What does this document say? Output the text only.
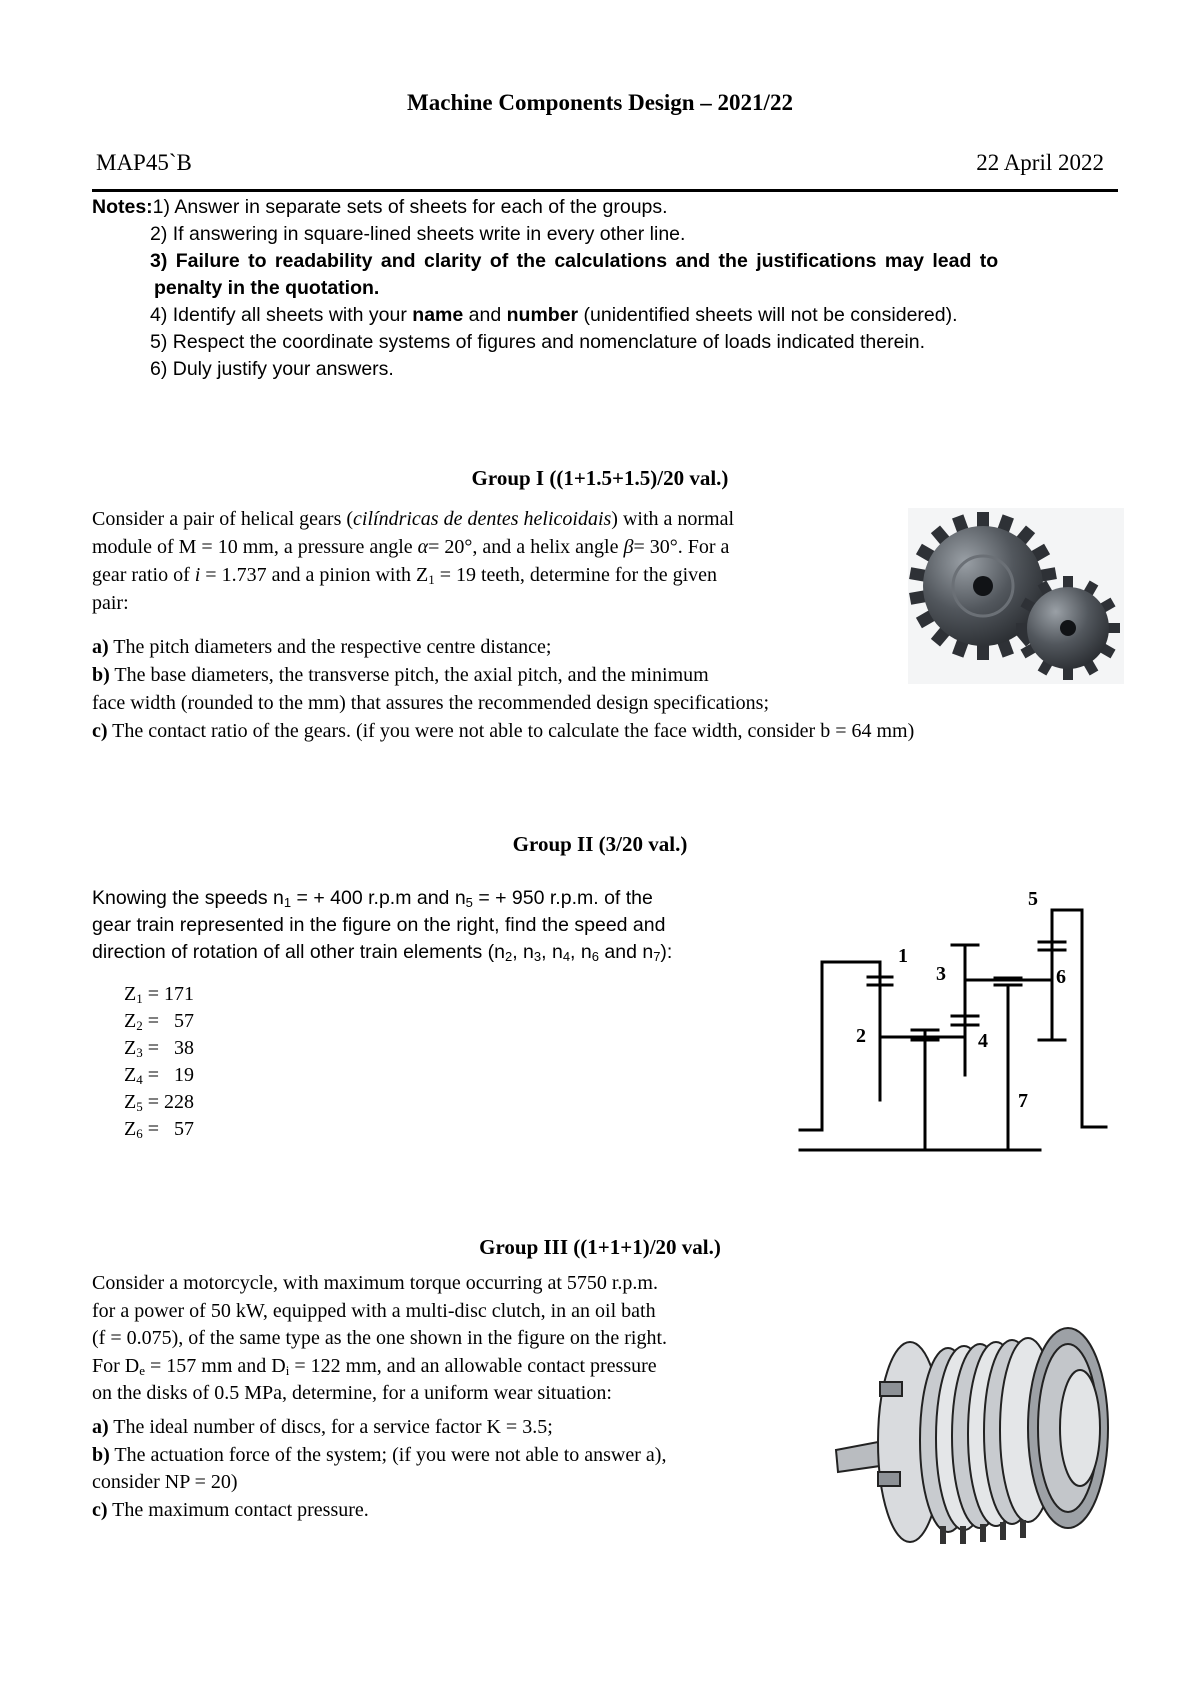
Machine Components Design – 2021/22
MAP45`B	22 April 2022
Notes:1) Answer in separate sets of sheets for each of the groups.
2) If answering in square-lined sheets write in every other line.
3) Failure to readability and clarity of the calculations and the justifications may lead to
penalty in the quotation.
4) Identify all sheets with your name and number (unidentified sheets will not be considered).
5) Respect the coordinate systems of figures and nomenclature of loads indicated therein.
6) Duly justify your answers.
Group I ((1+1.5+1.5)/20 val.)
Consider a pair of helical gears (cilíndricas de dentes helicoidais) with a normal
module of M = 10 mm, a pressure angle α= 20°, and a helix angle β= 30°. For a
gear ratio of i = 1.737 and a pinion with $Z_1 = 19$ teeth, determine for the given
pair:
a) The pitch diameters and the respective centre distance;
b) The base diameters, the transverse pitch, the axial pitch, and the minimum
face width (rounded to the mm) that assures the recommended design specifications;
c) The contact ratio of the gears. (if you were not able to calculate the face width, consider b = 64 mm)
Group II (3/20 val.)
Knowing the speeds $n_1$ = + 400 r.p.m and $n_5$ = + 950 r.p.m. of the
gear train represented in the figure on the right, find the speed and
direction of rotation of all other train elements ($n_2$, $n_3$, $n_4$, $n_6$ and $n_7$):
$Z_1 = 171$
$Z_2 = 57$
$Z_3 = 38$
$Z_4 = 19$
$Z_5 = 228$
$Z_6 = 57$
1
2
3
4
5
6
7
Group III ((1+1+1)/20 val.)
Consider a motorcycle, with maximum torque occurring at 5750 r.p.m.
for a power of 50 kW, equipped with a multi-disc clutch, in an oil bath
(f = 0.075), of the same type as the one shown in the figure on the right.
For $D_e = 157$ mm and $D_i = 122$ mm, and an allowable contact pressure
on the disks of 0.5 MPa, determine, for a uniform wear situation:
a) The ideal number of discs, for a service factor K = 3.5;
b) The actuation force of the system; (if you were not able to answer a),
consider NP = 20)
c) The maximum contact pressure.
